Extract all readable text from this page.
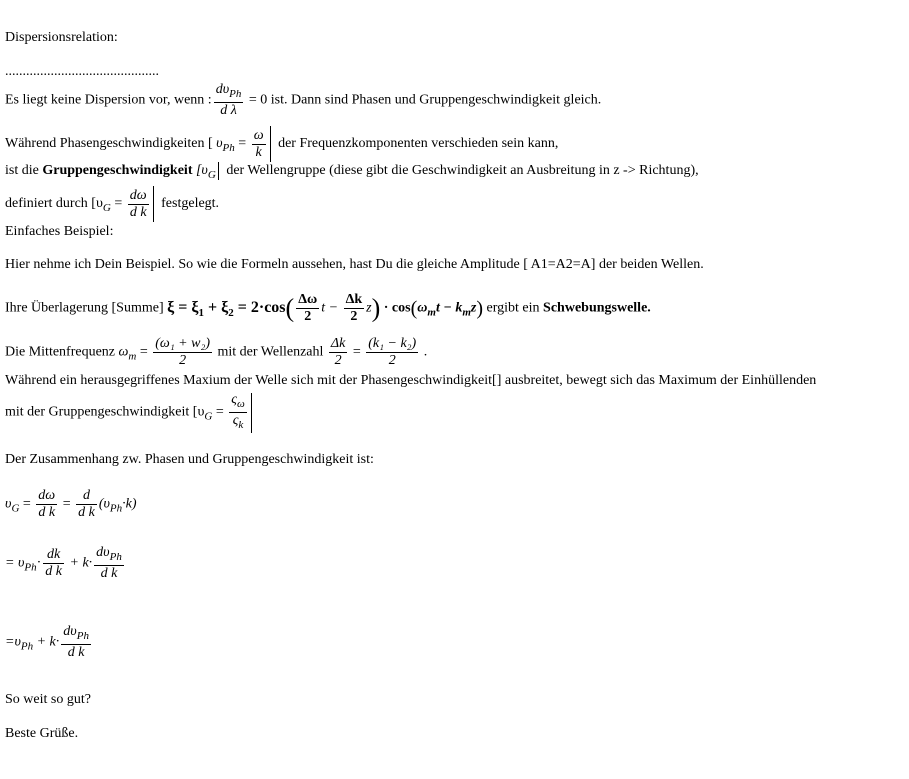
Dispersionsrelation:
............................................
Es liegt keine Dispersion vor, wenn : $\frac{d\upsilon_{Ph}}{\text{d λ}} = 0$ ist. Dann sind Phasen und Gruppengeschwindigkeit gleich.
Während Phasengeschwindigkeiten [ $\upsilon_{Ph} = \frac{\omega}{k}$ der Frequenzkomponenten verschieden sein kann,
ist die Gruppengeschwindigkeit [$\upsilon_G$ der Wellengruppe (diese gibt die Geschwindigkeit an Ausbreitung in z -> Richtung),
definiert durch [$\upsilon_G = \frac{d\omega}{\text{d k}}$ festgelegt.
Einfaches Beispiel:
Hier nehme ich Dein Beispiel. So wie die Formeln aussehen, hast Du die gleiche Amplitude [ A1=A2=A] der beiden Wellen.
Ihre Überlagerung [Summe] $\xi = \xi_1 + \xi_2 = 2\cdot\cos( \frac{\Delta\omega}{2}$ $t - \frac{\Delta k}{2} z) \cdot \cos(\omega_mt - k_mz)$ ergibt ein Schwebungswelle.
Die Mittenfrequenz $\omega_m = \frac{\text{(ω₁ + w₂)}}{2}$ mit der Wellenzahl $\frac{\Delta k}{2} = \frac{\text{(k₁ − k₂)}}{2}$ .
Während ein herausgegriffenes Maxium der Welle sich mit der Phasengeschwindigkeit[] ausbreitet, bewegt sich das Maximum der Einhüllenden
mit der Gruppengeschwindigkeit [$\upsilon_G = \frac{\varsigma_\omega}{\varsigma_k}$
Der Zusammenhang zw. Phasen und Gruppengeschwindigkeit ist:
$\upsilon_G = \frac{d\omega}{\text{d k}} = \frac{d}{\text{d k}} (\upsilon_{Ph}\cdot k)$
= $\upsilon_{Ph}\cdot \frac{dk}{\text{d k}} + k\cdot \frac{d\upsilon_{Ph}}{\text{d k}}$
$=\upsilon_{Ph} + k\cdot \frac{d\upsilon_{Ph}}{\text{d k}}$
So weit so gut?
Beste Grüße.
